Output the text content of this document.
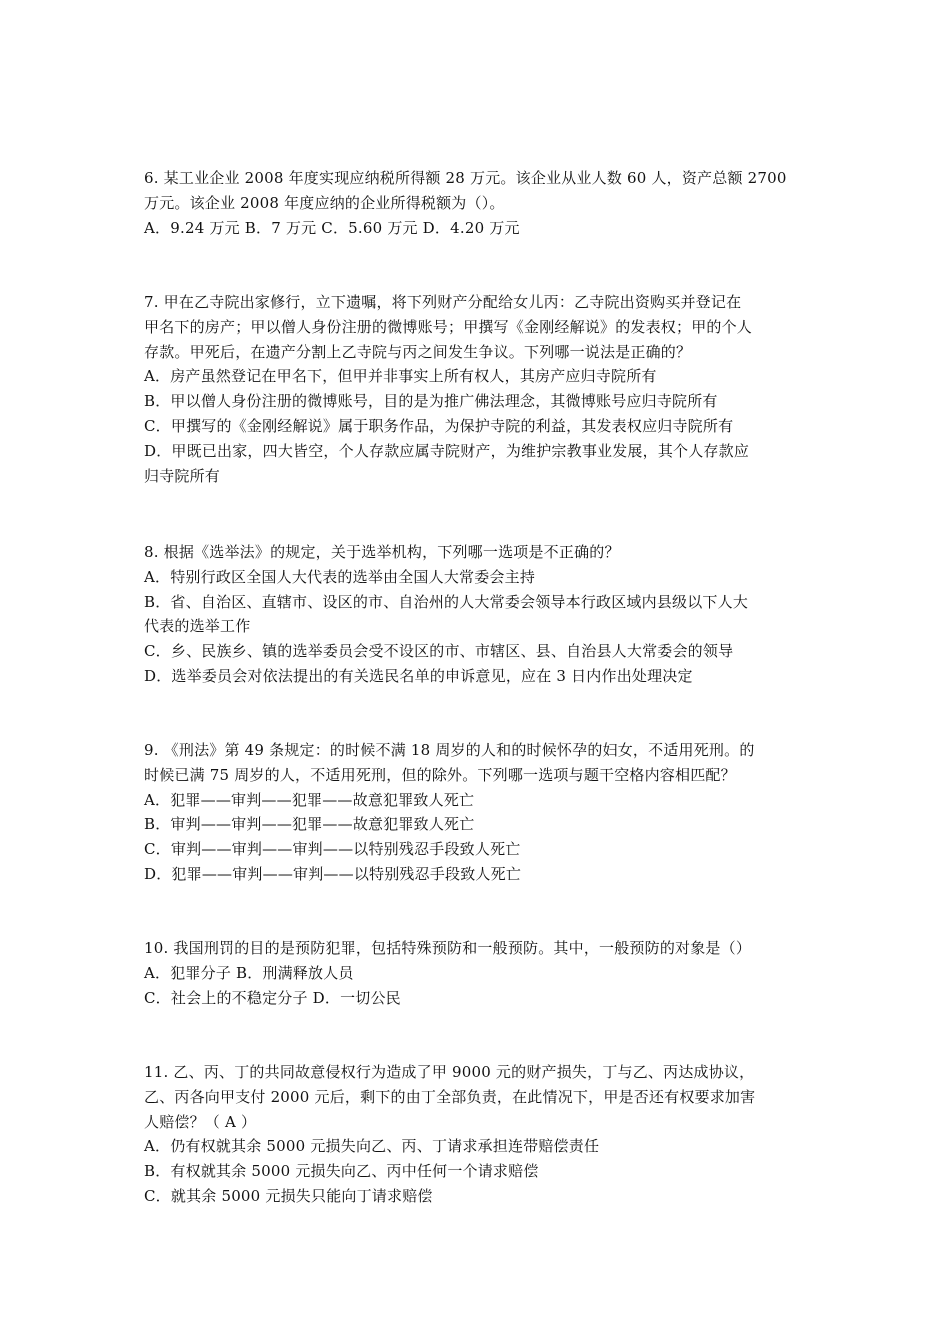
6. 某工业企业 2008 年度实现应纳税所得额 28 万元。该企业从业人数 60 人，资产总额 2700

万元。该企业 2008 年度应纳的企业所得税额为（）。

A．9.24 万元 B．7 万元 C．5.60 万元 D．4.20 万元

7. 甲在乙寺院出家修行，立下遗嘱，将下列财产分配给女儿丙：乙寺院出资购买并登记在

甲名下的房产；甲以僧人身份注册的微博账号；甲撰写《金刚经解说》的发表权；甲的个人

存款。甲死后，在遗产分割上乙寺院与丙之间发生争议。下列哪一说法是正确的？

A．房产虽然登记在甲名下，但甲并非事实上所有权人，其房产应归寺院所有

B．甲以僧人身份注册的微博账号，目的是为推广佛法理念，其微博账号应归寺院所有

C．甲撰写的《金刚经解说》属于职务作品，为保护寺院的利益，其发表权应归寺院所有

D．甲既已出家，四大皆空，个人存款应属寺院财产，为维护宗教事业发展，其个人存款应

归寺院所有

8. 根据《选举法》的规定，关于选举机构，下列哪一选项是不正确的？

A．特别行政区全国人大代表的选举由全国人大常委会主持

B．省、自治区、直辖市、设区的市、自治州的人大常委会领导本行政区域内县级以下人大

代表的选举工作

C．乡、民族乡、镇的选举委员会受不设区的市、市辖区、县、自治县人大常委会的领导

D．选举委员会对依法提出的有关选民名单的申诉意见，应在 3 日内作出处理决定

9. 《刑法》第 49 条规定：的时候不满 18 周岁的人和的时候怀孕的妇女，不适用死刑。的

时候已满 75 周岁的人，不适用死刑，但的除外。下列哪一选项与题干空格内容相匹配？

A．犯罪——审判——犯罪——故意犯罪致人死亡

B．审判——审判——犯罪——故意犯罪致人死亡

C．审判——审判——审判——以特别残忍手段致人死亡

D．犯罪——审判——审判——以特别残忍手段致人死亡

10. 我国刑罚的目的是预防犯罪，包括特殊预防和一般预防。其中，一般预防的对象是（）

A．犯罪分子 B．刑满释放人员

C．社会上的不稳定分子 D．一切公民

11. 乙、丙、丁的共同故意侵权行为造成了甲 9000 元的财产损失，丁与乙、丙达成协议，

乙、丙各向甲支付 2000 元后，剩下的由丁全部负责，在此情况下，甲是否还有权要求加害

人赔偿？（ A ）

A．仍有权就其余 5000 元损失向乙、丙、丁请求承担连带赔偿责任

B．有权就其余 5000 元损失向乙、丙中任何一个请求赔偿

C．就其余 5000 元损失只能向丁请求赔偿
